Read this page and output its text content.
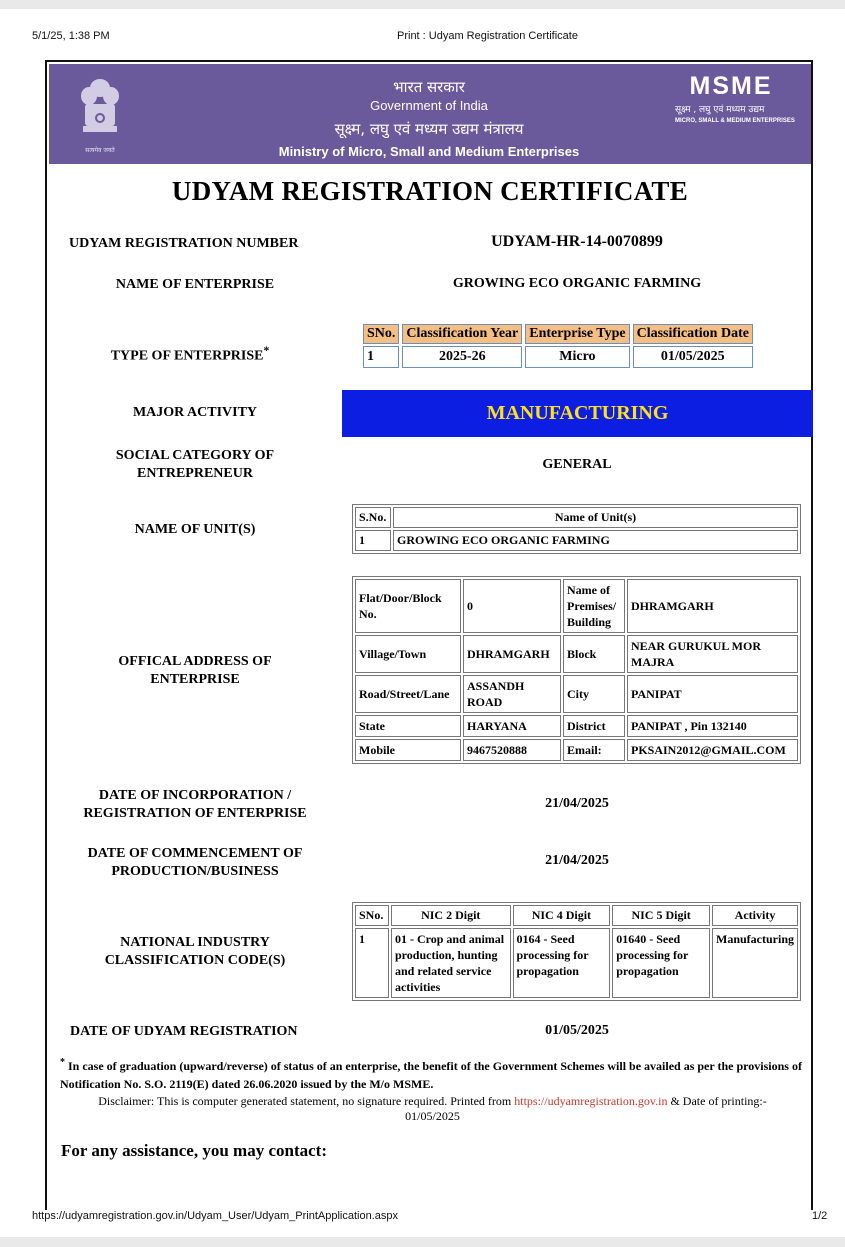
5/1/25, 1:38 PM	Print : Udyam Registration Certificate
सत्यमेव जयते
भारत सरकार
Government of India
सूक्ष्म, लघु एवं मध्यम उद्यम मंत्रालय
Ministry of Micro, Small and Medium Enterprises
MSME
सूक्ष्म , लघु एवं मध्यम उद्यम
MICRO, SMALL & MEDIUM ENTERPRISES
UDYAM REGISTRATION CERTIFICATE
UDYAM REGISTRATION NUMBER	UDYAM-HR-14-0070899
NAME OF ENTERPRISE	GROWING ECO ORGANIC FARMING
TYPE OF ENTERPRISE*
SNo.	Classification Year	Enterprise Type	Classification Date
1	2025-26	Micro	01/05/2025
MAJOR ACTIVITY	MANUFACTURING
SOCIAL CATEGORY OF
ENTREPRENEUR
GENERAL
NAME OF UNIT(S)
S.No.	Name of Unit(s)
1	GROWING ECO ORGANIC FARMING
OFFICAL ADDRESS OF
ENTERPRISE
Flat/Door/Block No.	0	Name of Premises/ Building	DHRAMGARH
Village/Town	DHRAMGARH	Block	NEAR GURUKUL MOR MAJRA
Road/Street/Lane	ASSANDH ROAD	City	PANIPAT
State	HARYANA	District	PANIPAT , Pin 132140
Mobile	9467520888	Email:	PKSAIN2012@GMAIL.COM
DATE OF INCORPORATION /
REGISTRATION OF ENTERPRISE
21/04/2025
DATE OF COMMENCEMENT OF
PRODUCTION/BUSINESS
21/04/2025
NATIONAL INDUSTRY
CLASSIFICATION CODE(S)
SNo.	NIC 2 Digit	NIC 4 Digit	NIC 5 Digit	Activity
1	01 - Crop and animal production, hunting and related service activities	0164 - Seed processing for propagation	01640 - Seed processing for propagation	Manufacturing
DATE OF UDYAM REGISTRATION	01/05/2025
* In case of graduation (upward/reverse) of status of an enterprise, the benefit of the Government Schemes will be availed as per the provisions of Notification No. S.O. 2119(E) dated 26.06.2020 issued by the M/o MSME.
Disclaimer: This is computer generated statement, no signature required. Printed from https://udyamregistration.gov.in & Date of printing:-
01/05/2025
For any assistance, you may contact:
https://udyamregistration.gov.in/Udyam_User/Udyam_PrintApplication.aspx	1/2
